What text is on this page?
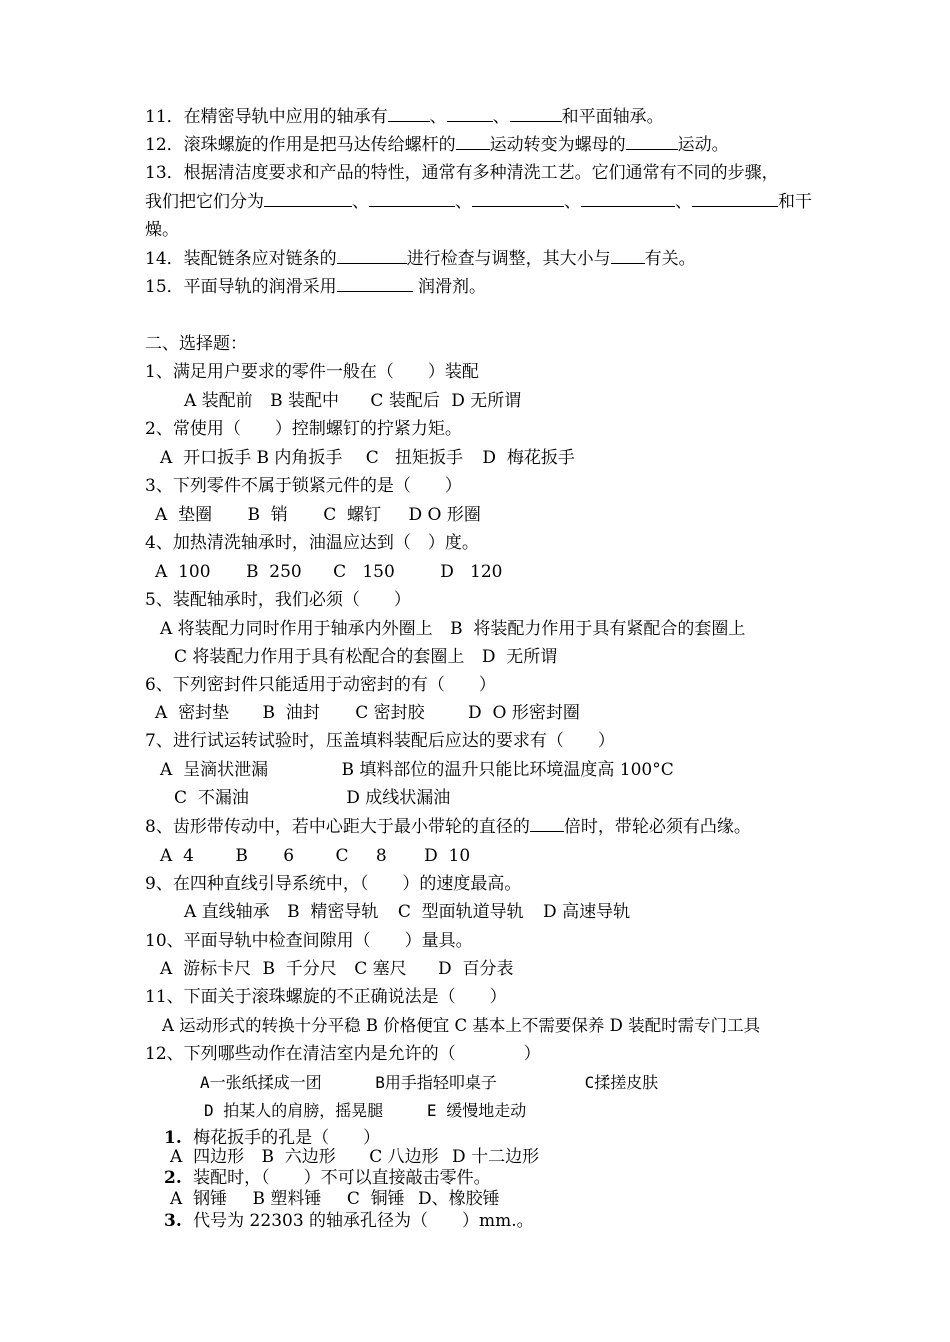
11．在精密导轨中应用的轴承有 、	、	和平面轴承。
12．滚珠螺旋的作用是把马达传给螺杆的 运动转变为螺母的	运动。
13．根据清洁度要求和产品的特性，通常有多种清洗工艺。它们通常有不同的步骤，
我们把它们分为	、	、	、	、	和干
燥。
14．装配链条应对链条的	进行检查与调整，其大小与 有关。
15．平面导轨的润滑采用	润滑剂。
二、选择题：
1、满足用户要求的零件一般在（　　）装配
A 装配前 B 装配中 C 装配后 D 无所谓
2、常使用（　　）控制螺钉的拧紧力矩。
A  开口扳手 B 内角扳手 C   扭矩扳手 D  梅花扳手
3、下列零件不属于锁紧元件的是（　　）
A  垫圈 B  销 C  螺钉 D O 形圈
4、加热清洗轴承时，油温应达到（　）度。
A  100 B  250 C   150	D   120
5、装配轴承时，我们必须（　　）
A 将装配力同时作用于轴承内外圈上 B  将装配力作用于具有紧配合的套圈上
C 将装配力作用于具有松配合的套圈上 D  无所谓
6、下列密封件只能适用于动密封的有（　　）
A  密封垫 B  油封 C 密封胶	D  O 形密封圈
7、进行试运转试验时，压盖填料装配后应达的要求有（　　）
A  呈滴状泄漏	B 填料部位的温升只能比环境温度高 100°C
C  不漏油	D 成线状漏油
8、齿形带传动中，若中心距大于最小带轮的直径的 倍时，带轮必须有凸缘。
A  4 B 6 C 8 D  10
9、在四种直线引导系统中，（　　）的速度最高。
A 直线轴承 B  精密导轨 C  型面轨道导轨 D 高速导轨
10、平面导轨中检查间隙用（　　）量具。
A  游标卡尺 B  千分尺 C 塞尺 D  百分表
11、下面关于滚珠螺旋的不正确说法是（　　）
A 运动形式的转换十分平稳 B 价格便宜 C 基本上不需要保养 D 装配时需专门工具
12、下列哪些动作在清洁室内是允许的（　　　　）
A一张纸揉成一团	B用手指轻叩桌子	C揉搓皮肤
D 拍某人的肩膀，摇晃腿	E 缓慢地走动
1. 梅花扳手的孔是（　　）
A  四边形 B  六边形 C 八边形 D 十二边形
2. 装配时，（　　）不可以直接敲击零件。
A  钢锤 B 塑料锤 C  铜锤 D、橡胶锤
3. 代号为 22303 的轴承孔径为（　　）mm.。
